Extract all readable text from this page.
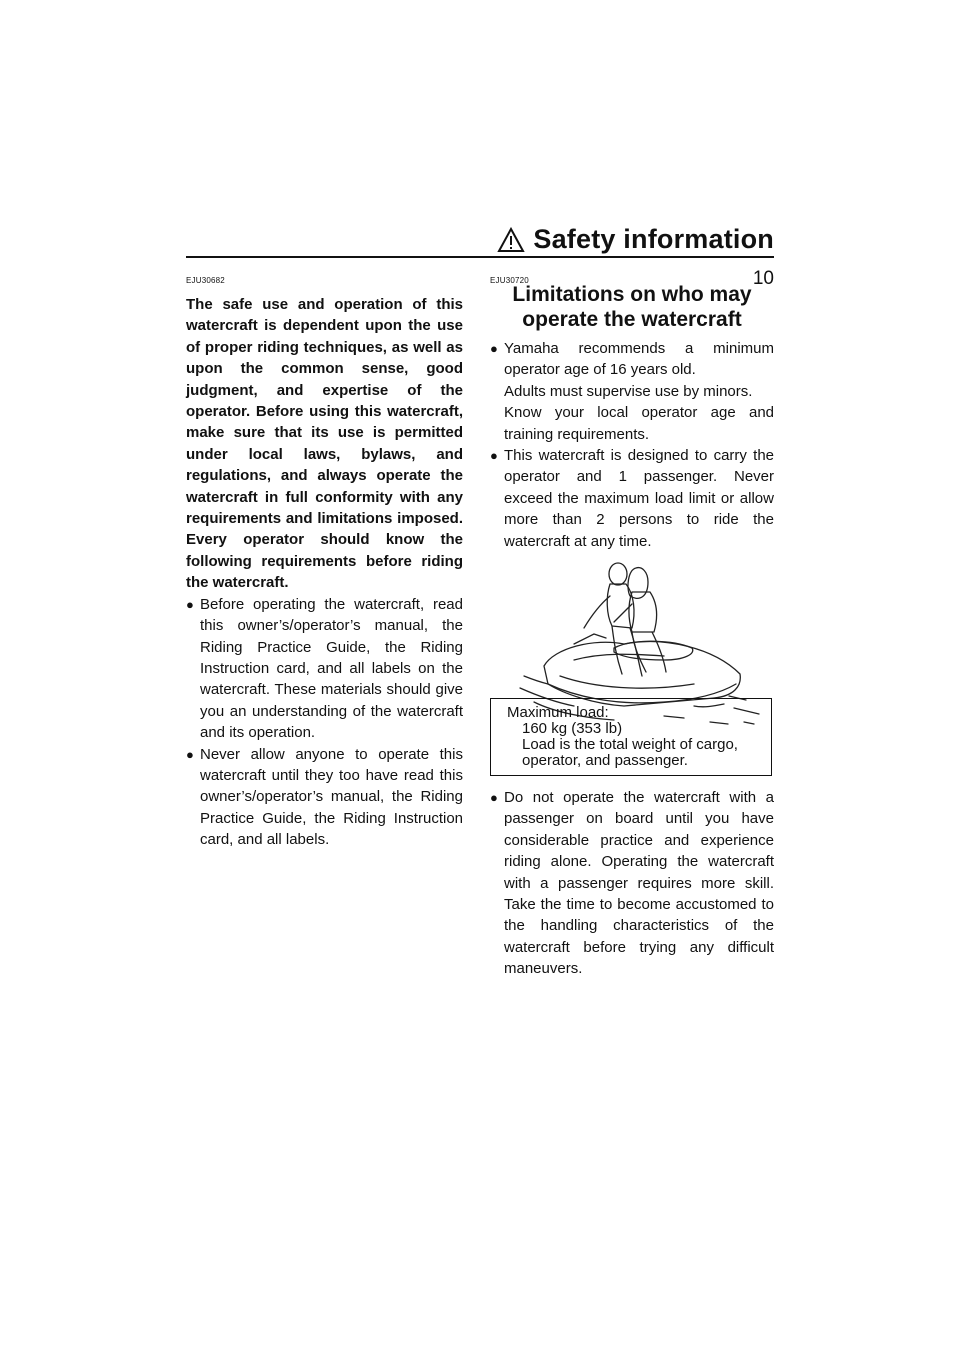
Safety information
10
EJU30682

The safe use and operation of this watercraft is dependent upon the use of proper riding techniques, as well as upon the common sense, good judgment, and expertise of the operator. Before using this watercraft, make sure that its use is permitted under local laws, bylaws, and regulations, and always operate the watercraft in full conformity with any requirements and limitations imposed. Every operator should know the following requirements before riding the watercraft.

● Before operating the watercraft, read this owner’s/operator’s manual, the Riding Practice Guide, the Riding Instruction card, and all labels on the watercraft. These materials should give you an understanding of the watercraft and its operation.

● Never allow anyone to operate this watercraft until they too have read this owner’s/operator’s manual, the Riding Practice Guide, the Riding Instruction card, and all labels.

EJU30720
Limitations on who may operate the watercraft
● Yamaha recommends a minimum operator age of 16 years old.

Adults must supervise use by minors.

Know your local operator age and training requirements.

● This watercraft is designed to carry the operator and 1 passenger. Never exceed the maximum load limit or allow more than 2 persons to ride the watercraft at any time.

Maximum load:
160 kg (353 lb)
Load is the total weight of cargo, operator, and passenger.
● Do not operate the watercraft with a passenger on board until you have considerable practice and experience riding alone. Operating the watercraft with a passenger requires more skill. Take the time to become accustomed to the handling characteristics of the watercraft before trying any difficult maneuvers.
